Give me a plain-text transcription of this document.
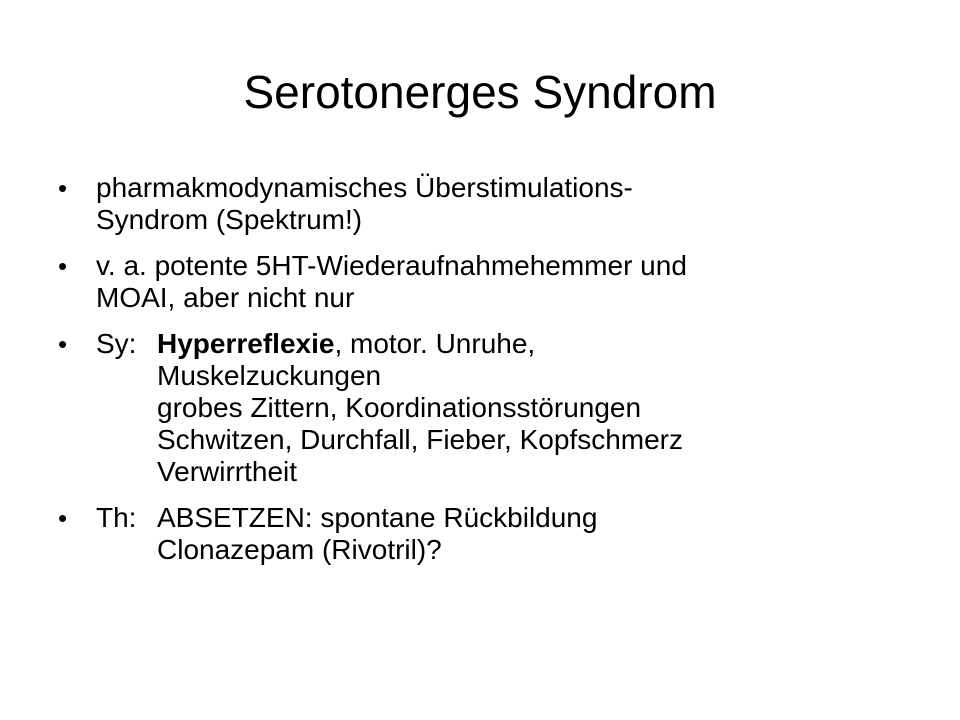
Serotonerges Syndrom
• pharmakmodynamisches Überstimulations-
Syndrom (Spektrum!)
• v. a. potente 5HT-Wiederaufnahmehemmer und
MOAI, aber nicht nur
• Sy: Hyperreflexie, motor. Unruhe,
Muskelzuckungen
grobes Zittern, Koordinationsstörungen
Schwitzen, Durchfall, Fieber, Kopfschmerz
Verwirrtheit
• Th: ABSETZEN: spontane Rückbildung
Clonazepam (Rivotril)?
